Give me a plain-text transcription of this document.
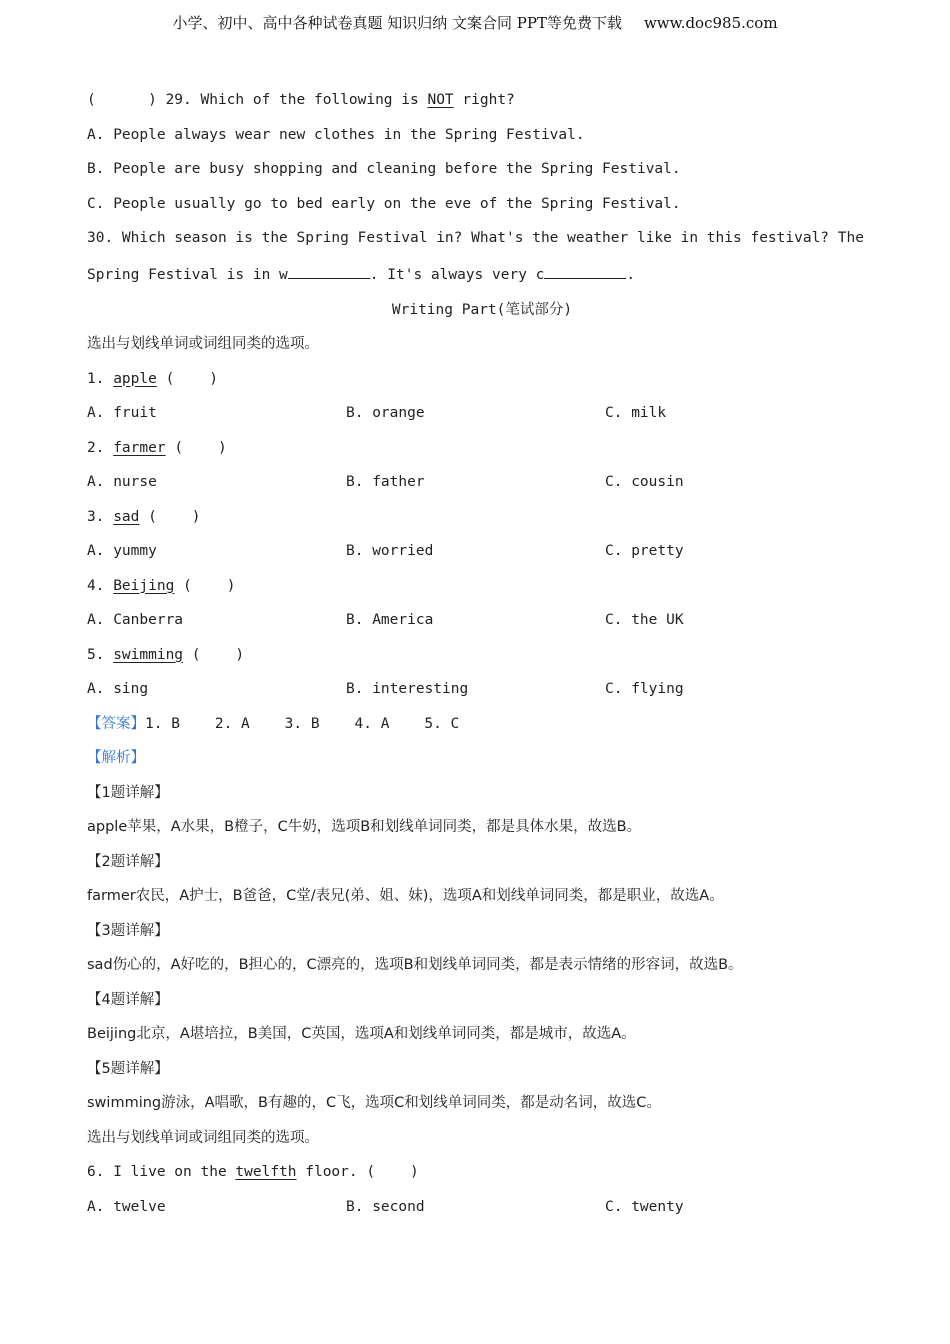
小学、初中、高中各种试卷真题 知识归纳 文案合同 PPT等免费下载 www.doc985.com
(      ) 29. Which of the following is NOT right?
A. People always wear new clothes in the Spring Festival.
B. People are busy shopping and cleaning before the Spring Festival.
C. People usually go to bed early on the eve of the Spring Festival.
30. Which season is the Spring Festival in? What's the weather like in this festival? The
Spring Festival is in w	. It's always very c	.
Writing Part(笔试部分)
选出与划线单词或词组同类的选项。
1. apple (    )
A. fruit	B. orange	C. milk
2. farmer (    )
A. nurse	B. father	C. cousin
3. sad (    )
A. yummy	B. worried	C. pretty
4. Beijing (    )
A. Canberra	B. America	C. the UK
5. swimming (    )
A. sing	B. interesting	C. flying
【答案】1. B    2. A    3. B    4. A    5. C
【解析】
【1题详解】
apple苹果，A水果，B橙子，C牛奶，选项B和划线单词同类，都是具体水果，故选B。
【2题详解】
farmer农民，A护士，B爸爸，C堂/表兄(弟、姐、妹)，选项A和划线单词同类，都是职业，故选A。
【3题详解】
sad伤心的，A好吃的，B担心的，C漂亮的，选项B和划线单词同类，都是表示情绪的形容词，故选B。
【4题详解】
Beijing北京，A堪培拉，B美国，C英国，选项A和划线单词同类，都是城市，故选A。
【5题详解】
swimming游泳，A唱歌，B有趣的，C飞，选项C和划线单词同类，都是动名词，故选C。
选出与划线单词或词组同类的选项。
6. I live on the twelfth floor. (    )
A. twelve	B. second	C. twenty
